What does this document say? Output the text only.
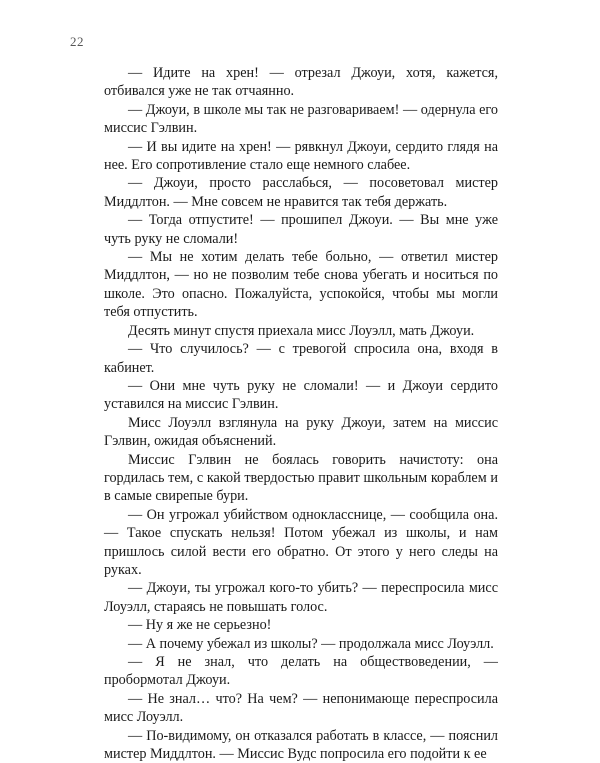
22

— Идите на хрен! — отрезал Джоуи, хотя, кажется, отбивался уже не так отчаянно.

— Джоуи, в школе мы так не разговариваем! — одернула его миссис Гэлвин.

— И вы идите на хрен! — рявкнул Джоуи, сердито глядя на нее. Его сопротивление стало еще немного слабее.

— Джоуи, просто расслабься, — посоветовал мистер Миддлтон. — Мне совсем не нравится так тебя держать.

— Тогда отпустите! — прошипел Джоуи. — Вы мне уже чуть руку не сломали!

— Мы не хотим делать тебе больно, — ответил мистер Миддлтон, — но не позволим тебе снова убегать и носиться по школе. Это опасно. Пожалуйста, успокойся, чтобы мы могли тебя отпустить.

Десять минут спустя приехала мисс Лоуэлл, мать Джоуи.

— Что случилось? — с тревогой спросила она, входя в кабинет.

— Они мне чуть руку не сломали! — и Джоуи сердито уставился на миссис Гэлвин.

Мисс Лоуэлл взглянула на руку Джоуи, затем на миссис Гэлвин, ожидая объяснений.

Миссис Гэлвин не боялась говорить начистоту: она гордилась тем, с какой твердостью правит школьным кораблем и в самые свирепые бури.

— Он угрожал убийством однокласснице, — сообщила она. — Такое спускать нельзя! Потом убежал из школы, и нам пришлось силой вести его обратно. От этого у него следы на руках.

— Джоуи, ты угрожал кого-то убить? — переспросила мисс Лоуэлл, стараясь не повышать голос.

— Ну я же не серьезно!

— А почему убежал из школы? — продолжала мисс Лоуэлл.

— Я не знал, что делать на обществоведении, — пробормотал Джоуи.

— Не знал… что? На чем? — непонимающе переспросила мисс Лоуэлл.

— По-видимому, он отказался работать в классе, — пояснил мистер Миддлтон. — Миссис Вудс попросила его подойти к ее
